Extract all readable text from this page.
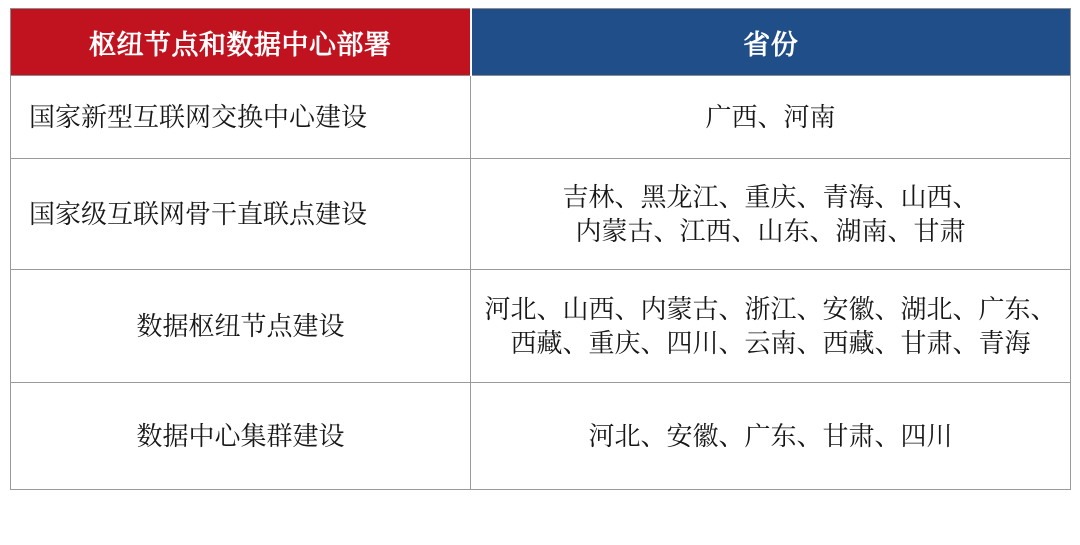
枢纽节点和数据中心部署	省份
国家新型互联网交换中心建设	广西、河南

国家级互联网骨干直联点建设	吉林、黑龙江、重庆、青海、山西、
内蒙古、江西、山东、湖南、甘肃

数据枢纽节点建设	河北、山西、内蒙古、浙江、安徽、湖北、广东、
西藏、重庆、四川、云南、西藏、甘肃、青海

数据中心集群建设	河北、安徽、广东、甘肃、四川
